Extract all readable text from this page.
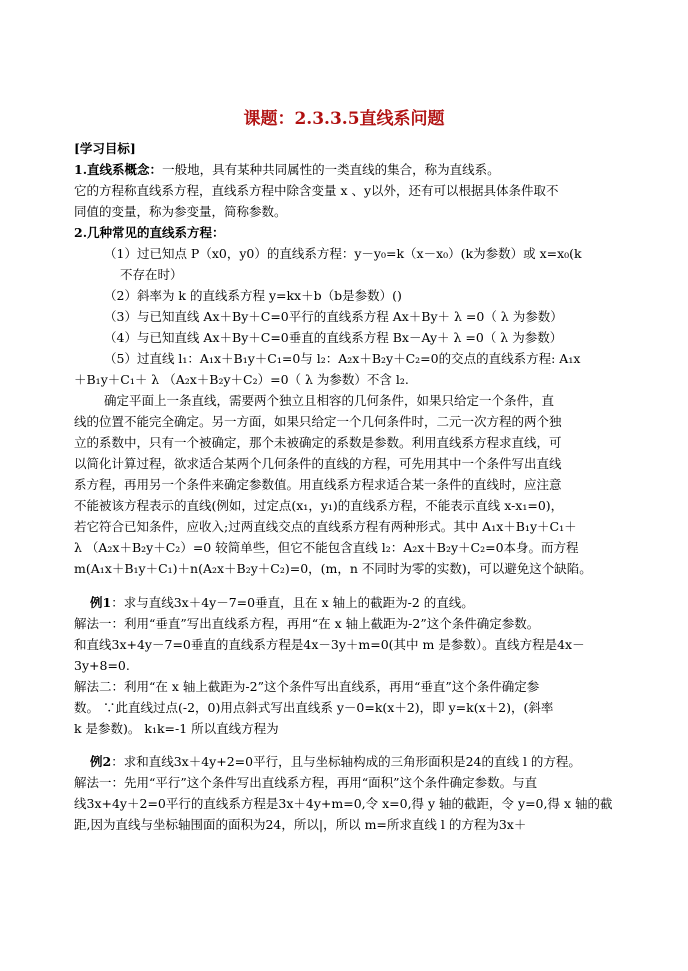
课题：2.3.3.5直线系问题

[学习目标]

1.直线系概念：一般地，具有某种共同属性的一类直线的集合，称为直线系。

它的方程称直线系方程，直线系方程中除含变量 x 、y以外，还有可以根据具体条件取不

同值的变量，称为参变量，简称参数。

2.几种常见的直线系方程：

（1）过已知点 P（x0，y0）的直线系方程：y－y₀=k（x－x₀）(k为参数）或 x=x₀(k

不存在时）

（2）斜率为 k 的直线系方程 y=kx＋b（b是参数）()

（3）与已知直线 Ax＋By＋C=0平行的直线系方程 Ax＋By＋ λ =0（ λ 为参数）

（4）与已知直线 Ax＋By＋C=0垂直的直线系方程 Bx－Ay＋ λ =0（ λ 为参数）

（5）过直线 l₁：A₁x＋B₁y＋C₁=0与 l₂：A₂x＋B₂y＋C₂=0的交点的直线系方程: A₁x

＋B₁y＋C₁＋ λ （A₂x＋B₂y＋C₂）=0（ λ 为参数）不含 l₂.

确定平面上一条直线，需要两个独立且相容的几何条件，如果只给定一个条件，直

线的位置不能完全确定。另一方面，如果只给定一个几何条件时，二元一次方程的两个独

立的系数中，只有一个被确定，那个未被确定的系数是参数。利用直线系方程求直线，可

以简化计算过程，欲求适合某两个几何条件的直线的方程，可先用其中一个条件写出直线

系方程，再用另一个条件来确定参数值。用直线系方程求适合某一条件的直线时，应注意

不能被该方程表示的直线(例如，过定点(x₁，y₁)的直线系方程，不能表示直线 x-x₁=0)，

若它符合已知条件，应收入;过两直线交点的直线系方程有两种形式。其中 A₁x＋B₁y＋C₁＋

λ （A₂x＋B₂y＋C₂）=0 较简单些，但它不能包含直线 l₂：A₂x＋B₂y＋C₂=0本身。而方程

m(A₁x＋B₁y＋C₁)＋n(A₂x＋B₂y＋C₂)=0，(m，n 不同时为零的实数)，可以避免这个缺陷。

例1：求与直线3x＋4y－7=0垂直，且在 x 轴上的截距为-2 的直线。

解法一：利用“垂直”写出直线系方程，再用“在 x 轴上截距为-2”这个条件确定参数。

和直线3x+4y－7=0垂直的直线系方程是4x－3y＋m=0(其中 m 是参数）。直线方程是4x－

3y+8=0.

解法二：利用“在 x 轴上截距为-2”这个条件写出直线系，再用“垂直”这个条件确定参

数。 ∵此直线过点(-2，0)用点斜式写出直线系 y－0=k(x＋2)，即 y=k(x＋2)，(斜率

k 是参数)。 k₁k=-1 所以直线方程为

例2：求和直线3x＋4y+2=0平行，且与坐标轴构成的三角形面积是24的直线 l 的方程。

解法一：先用“平行”这个条件写出直线系方程，再用“面积”这个条件确定参数。与直

线3x+4y＋2=0平行的直线系方程是3x＋4y+m=0,令 x=0,得 y 轴的截距，令 y=0,得 x 轴的截

距,因为直线与坐标轴围面的面积为24，所以|，所以 m=所求直线 l 的方程为3x＋
